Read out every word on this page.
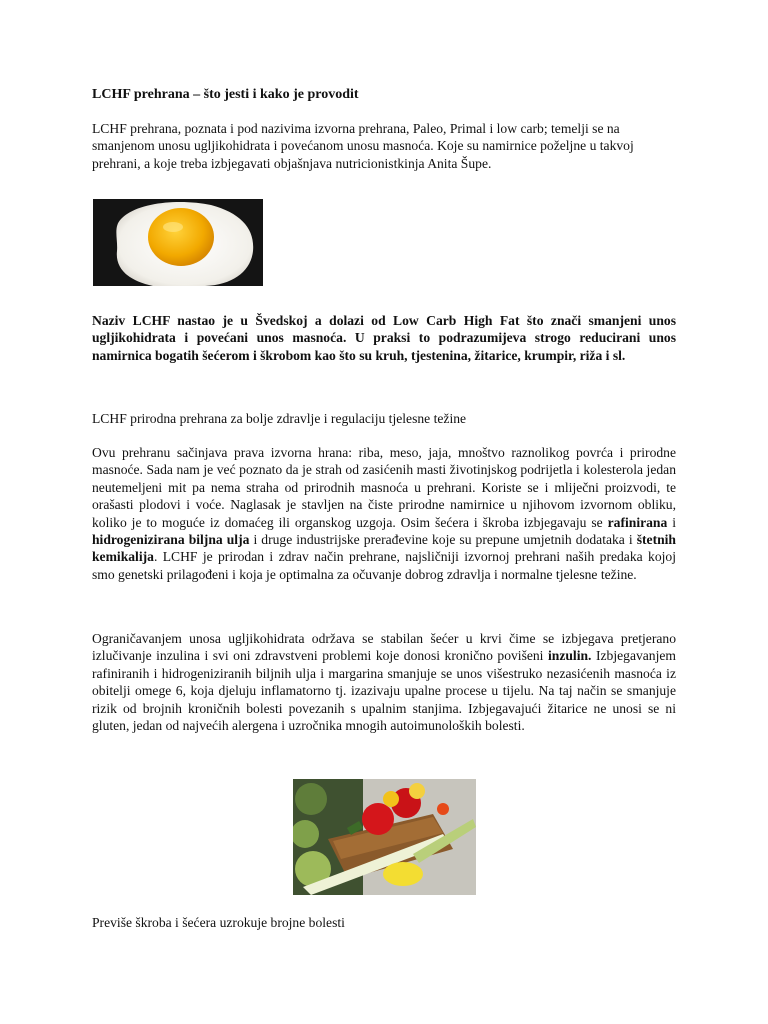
LCHF prehrana – što jesti i kako je provodit
LCHF prehrana, poznata i pod nazivima izvorna prehrana, Paleo, Primal i low carb; temelji se na smanjenom unosu ugljikohidrata i povećanom unosu masnoća. Koje su namirnice poželjne u takvoj prehrani, a koje treba izbjegavati objašnjava nutricionistkinja Anita Šupe.
Naziv LCHF nastao je u Švedskoj a dolazi od Low Carb High Fat što znači smanjeni unos ugljikohidrata i povećani unos masnoća. U praksi to podrazumijeva strogo reducirani unos namirnica bogatih šećerom i škrobom kao što su kruh, tjestenina, žitarice, krumpir, riža i sl.
LCHF prirodna prehrana za bolje zdravlje i regulaciju tjelesne težine
Ovu prehranu sačinjava prava izvorna hrana: riba, meso, jaja, mnoštvo raznolikog povrća i prirodne masnoće. Sada nam je već poznato da je strah od zasićenih masti životinjskog podrijetla i kolesterola jedan neutemeljeni mit pa nema straha od prirodnih masnoća u prehrani. Koriste se i mliječni proizvodi, te orašasti plodovi i voće. Naglasak je stavljen na čiste prirodne namirnice u njihovom izvornom obliku, koliko je to moguće iz domaćeg ili organskog uzgoja. Osim šećera i škroba izbjegavaju se rafinirana i hidrogenizirana biljna ulja i druge industrijske prerađevine koje su prepune umjetnih dodataka i štetnih kemikalija. LCHF je prirodan i zdrav način prehrane, najsličniji izvornoj prehrani naših predaka kojoj smo genetski prilagođeni i koja je optimalna za očuvanje dobrog zdravlja i normalne tjelesne težine.
Ograničavanjem unosa ugljikohidrata održava se stabilan šećer u krvi čime se izbjegava pretjerano izlučivanje inzulina i svi oni zdravstveni problemi koje donosi kronično povišeni inzulin. Izbjegavanjem rafiniranih i hidrogeniziranih biljnih ulja i margarina smanjuje se unos višestruko nezasićenih masnoća iz obitelji omege 6, koja djeluju inflamatorno tj. izazivaju upalne procese u tijelu. Na taj način se smanjuje rizik od brojnih kroničnih bolesti povezanih s upalnim stanjima. Izbjegavajući žitarice ne unosi se ni gluten, jedan od najvećih alergena i uzročnika mnogih autoimunoloških bolesti.
Previše škroba i šećera uzrokuje brojne bolesti
